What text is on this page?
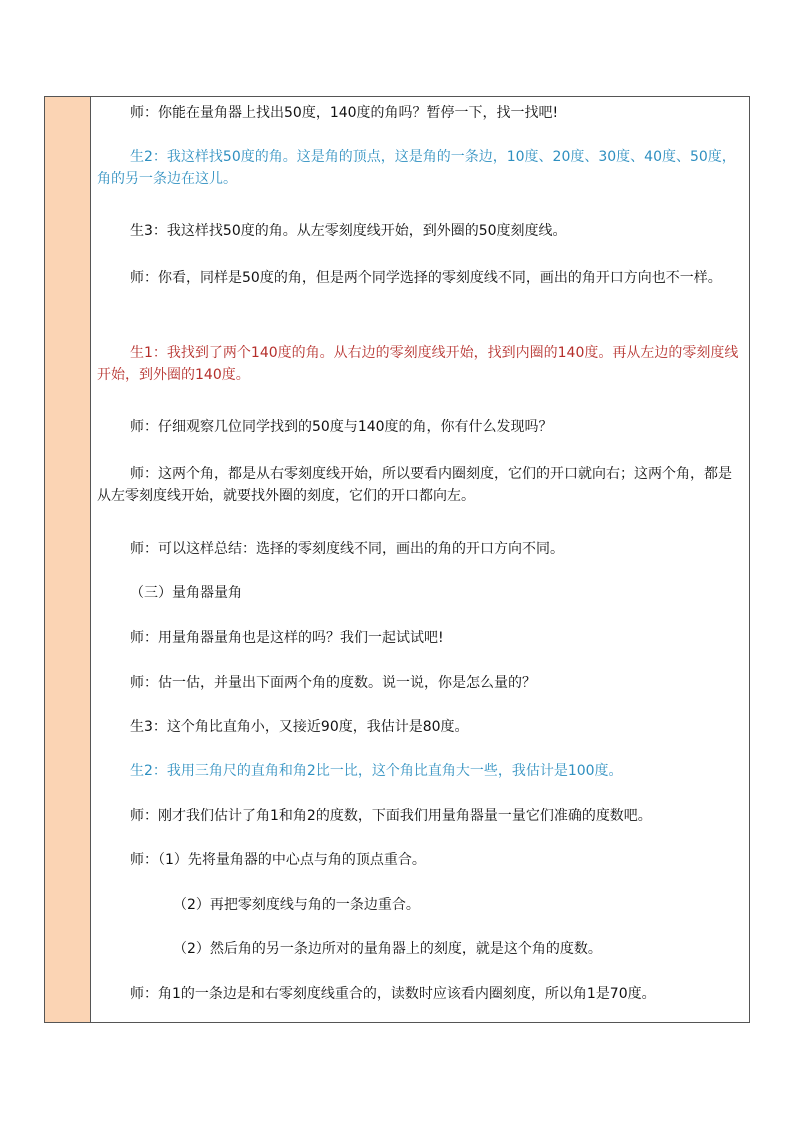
师：你能在量角器上找出50度，140度的角吗？暂停一下，找一找吧!

生2：我这样找50度的角。这是角的顶点，这是角的一条边，10度、20度、30度、40度、50度，角的另一条边在这儿。

生3：我这样找50度的角。从左零刻度线开始，到外圈的50度刻度线。

师：你看，同样是50度的角，但是两个同学选择的零刻度线不同，画出的角开口方向也不一样。

生1：我找到了两个140度的角。从右边的零刻度线开始，找到内圈的140度。再从左边的零刻度线开始，到外圈的140度。

师：仔细观察几位同学找到的50度与140度的角，你有什么发现吗？

师：这两个角，都是从右零刻度线开始，所以要看内圈刻度，它们的开口就向右；这两个角，都是从左零刻度线开始，就要找外圈的刻度，它们的开口都向左。

师：可以这样总结：选择的零刻度线不同，画出的角的开口方向不同。

（三）量角器量角

师：用量角器量角也是这样的吗？我们一起试试吧!

师：估一估，并量出下面两个角的度数。说一说，你是怎么量的？

生3：这个角比直角小，又接近90度，我估计是80度。

生2：我用三角尺的直角和角2比一比，这个角比直角大一些，我估计是100度。

师：刚才我们估计了角1和角2的度数，下面我们用量角器量一量它们准确的度数吧。

师：（1）先将量角器的中心点与角的顶点重合。

（2）再把零刻度线与角的一条边重合。

（2）然后角的另一条边所对的量角器上的刻度，就是这个角的度数。

师：角1的一条边是和右零刻度线重合的，读数时应该看内圈刻度，所以角1是70度。
